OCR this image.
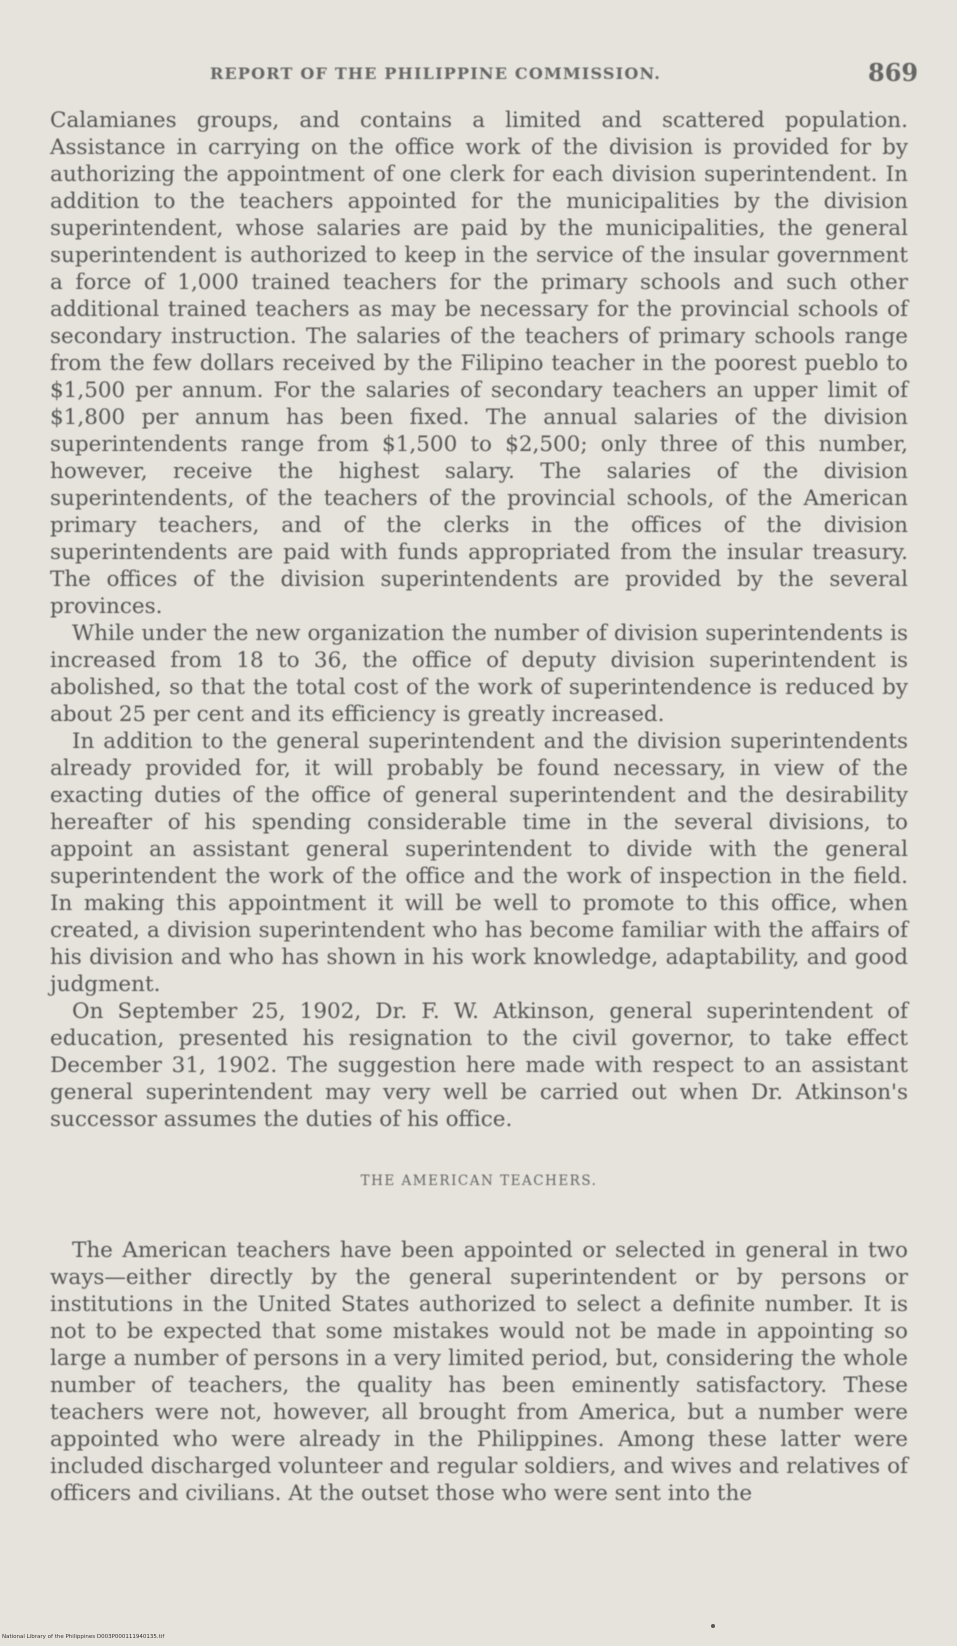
REPORT OF THE PHILIPPINE COMMISSION.	869

Calamianes groups, and contains a limited and scattered population. Assistance in carrying on the office work of the division is provided for by authorizing the appointment of one clerk for each division superintendent. In addition to the teachers appointed for the municipalities by the division superintendent, whose salaries are paid by the municipalities, the general superintendent is authorized to keep in the service of the insular government a force of 1,000 trained teachers for the primary schools and such other additional trained teachers as may be necessary for the provincial schools of secondary instruction. The salaries of the teachers of primary schools range from the few dollars received by the Filipino teacher in the poorest pueblo to $1,500 per annum. For the salaries of secondary teachers an upper limit of $1,800 per annum has been fixed. The annual salaries of the division superintendents range from $1,500 to $2,500; only three of this number, however, receive the highest salary. The salaries of the division superintendents, of the teachers of the provincial schools, of the American primary teachers, and of the clerks in the offices of the division superintendents are paid with funds appropriated from the insular treasury. The offices of the division superintendents are provided by the several provinces.

While under the new organization the number of division superintendents is increased from 18 to 36, the office of deputy division superintendent is abolished, so that the total cost of the work of superintendence is reduced by about 25 per cent and its efficiency is greatly increased.

In addition to the general superintendent and the division superintendents already provided for, it will probably be found necessary, in view of the exacting duties of the office of general superintendent and the desirability hereafter of his spending considerable time in the several divisions, to appoint an assistant general superintendent to divide with the general superintendent the work of the office and the work of inspection in the field. In making this appointment it will be well to promote to this office, when created, a division superintendent who has become familiar with the affairs of his division and who has shown in his work knowledge, adaptability, and good judgment.

On September 25, 1902, Dr. F. W. Atkinson, general superintendent of education, presented his resignation to the civil governor, to take effect December 31, 1902. The suggestion here made with respect to an assistant general superintendent may very well be carried out when Dr. Atkinson's successor assumes the duties of his office.

THE AMERICAN TEACHERS.

The American teachers have been appointed or selected in general in two ways—either directly by the general superintendent or by persons or institutions in the United States authorized to select a definite number. It is not to be expected that some mistakes would not be made in appointing so large a number of persons in a very limited period, but, considering the whole number of teachers, the quality has been eminently satisfactory. These teachers were not, however, all brought from America, but a number were appointed who were already in the Philippines. Among these latter were included discharged volunteer and regular soldiers, and wives and relatives of officers and civilians. At the outset those who were sent into the

National Library of the Philippines D003P000111940135.tif
